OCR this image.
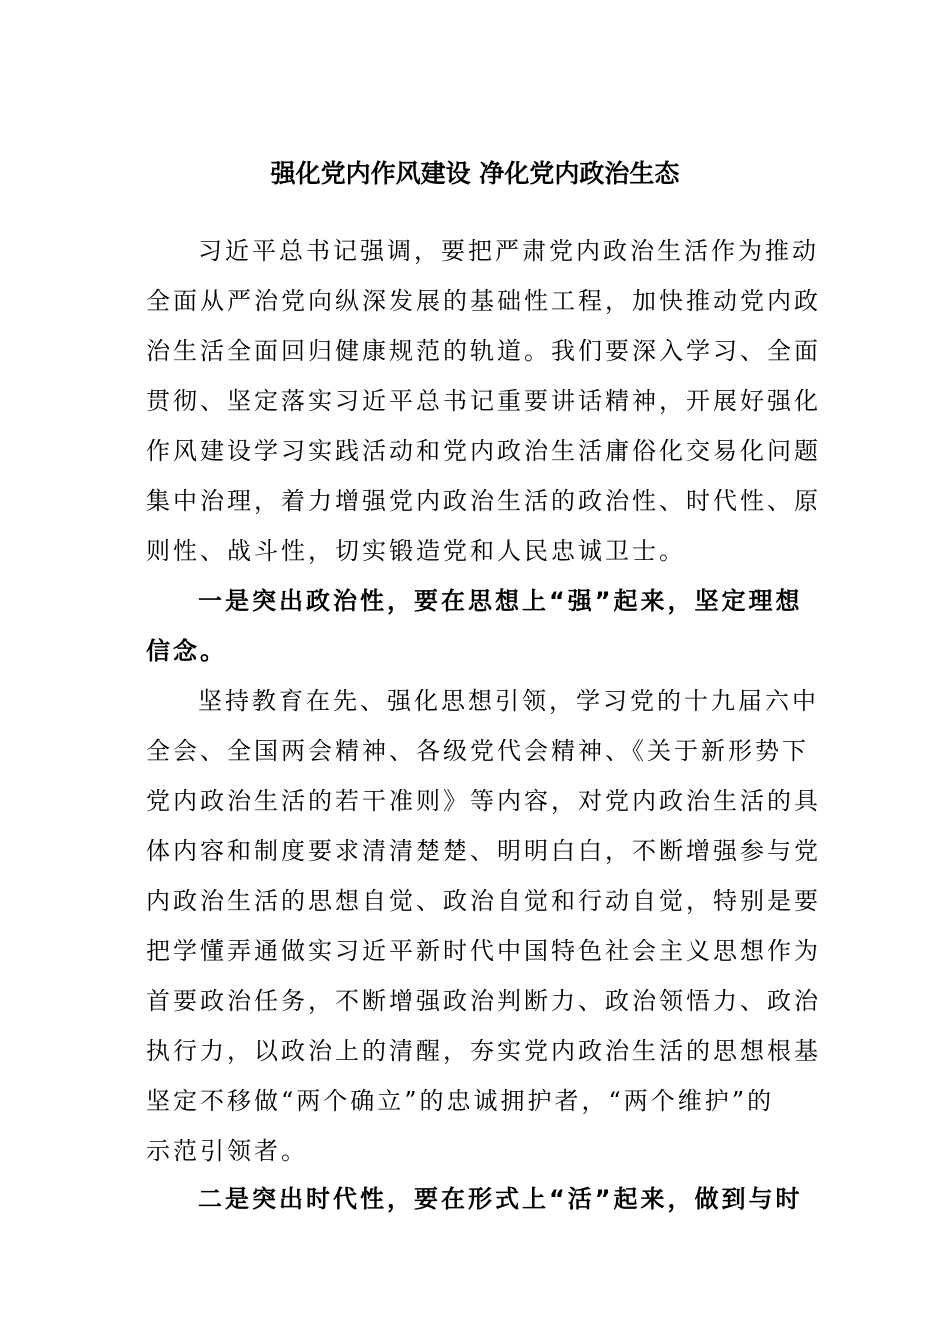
强化党内作风建设 净化党内政治生态
习近平总书记强调，要把严肃党内政治生活作为推动
全面从严治党向纵深发展的基础性工程，加快推动党内政
治生活全面回归健康规范的轨道。我们要深入学习、全面
贯彻、坚定落实习近平总书记重要讲话精神，开展好强化
作风建设学习实践活动和党内政治生活庸俗化交易化问题
集中治理，着力增强党内政治生活的政治性、时代性、原
则性、战斗性，切实锻造党和人民忠诚卫士。
一是突出政治性，要在思想上“强”起来，坚定理想
信念。
坚持教育在先、强化思想引领，学习党的十九届六中
全会、全国两会精神、各级党代会精神、《关于新形势下
党内政治生活的若干准则》等内容，对党内政治生活的具
体内容和制度要求清清楚楚、明明白白，不断增强参与党
内政治生活的思想自觉、政治自觉和行动自觉，特别是要
把学懂弄通做实习近平新时代中国特色社会主义思想作为
首要政治任务，不断增强政治判断力、政治领悟力、政治
执行力，以政治上的清醒，夯实党内政治生活的思想根基
坚定不移做“两个确立”的忠诚拥护者，“两个维护”的
示范引领者。
二是突出时代性，要在形式上“活”起来，做到与时
